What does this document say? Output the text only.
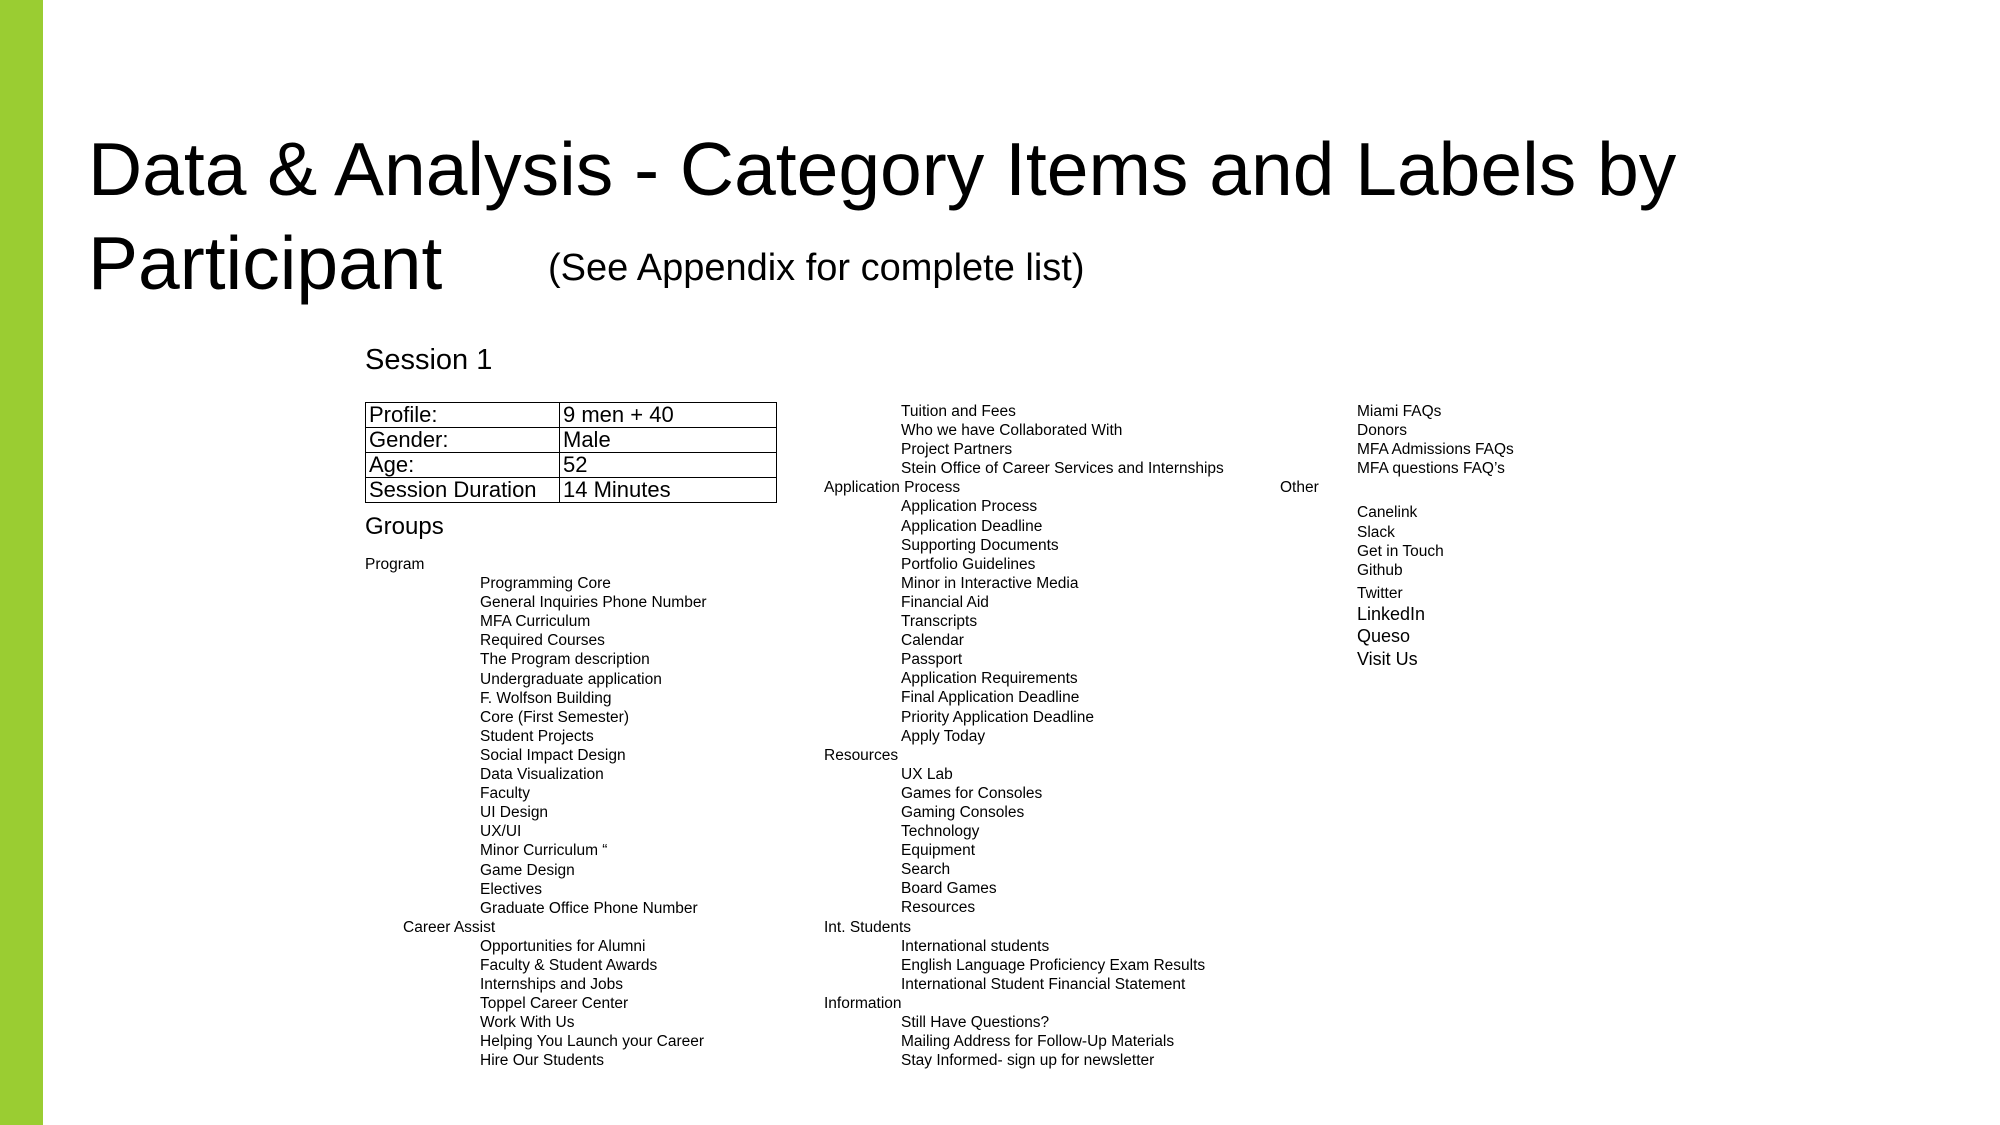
Data & Analysis - Category Items and Labels by Participant	(See Appendix for complete list)
Session 1
Profile:	9 men + 40
Gender:	Male
Age:	52
Session Duration	14 Minutes
Groups
Program
Programming Core
General Inquiries Phone Number
MFA Curriculum
Required Courses
The Program description
Undergraduate application
F. Wolfson Building
Core (First Semester)
Student Projects
Social Impact Design
Data Visualization
Faculty
UI Design
UX/UI
Minor Curriculum “
Game Design
Electives
Graduate Office Phone Number
Career Assist
Opportunities for Alumni
Faculty & Student Awards
Internships and Jobs
Toppel Career Center
Work With Us
Helping You Launch your Career
Hire Our Students
Tuition and Fees
Who we have Collaborated With
Project Partners
Stein Office of Career Services and Internships
Application Process
Application Process
Application Deadline
Supporting Documents
Portfolio Guidelines
Minor in Interactive Media
Financial Aid
Transcripts
Calendar
Passport
Application Requirements
Final Application Deadline
Priority Application Deadline
Apply Today
Resources
UX Lab
Games for Consoles
Gaming Consoles
Technology
Equipment
Search
Board Games
Resources
Int. Students
International students
English Language Proficiency Exam Results
International Student Financial Statement
Information
Still Have Questions?
Mailing Address for Follow-Up Materials
Stay Informed- sign up for newsletter
Miami FAQs
Donors
MFA Admissions FAQs
MFA questions FAQ’s
Other
Canelink
Slack
Get in Touch
Github
Twitter
LinkedIn
Queso
Visit Us
